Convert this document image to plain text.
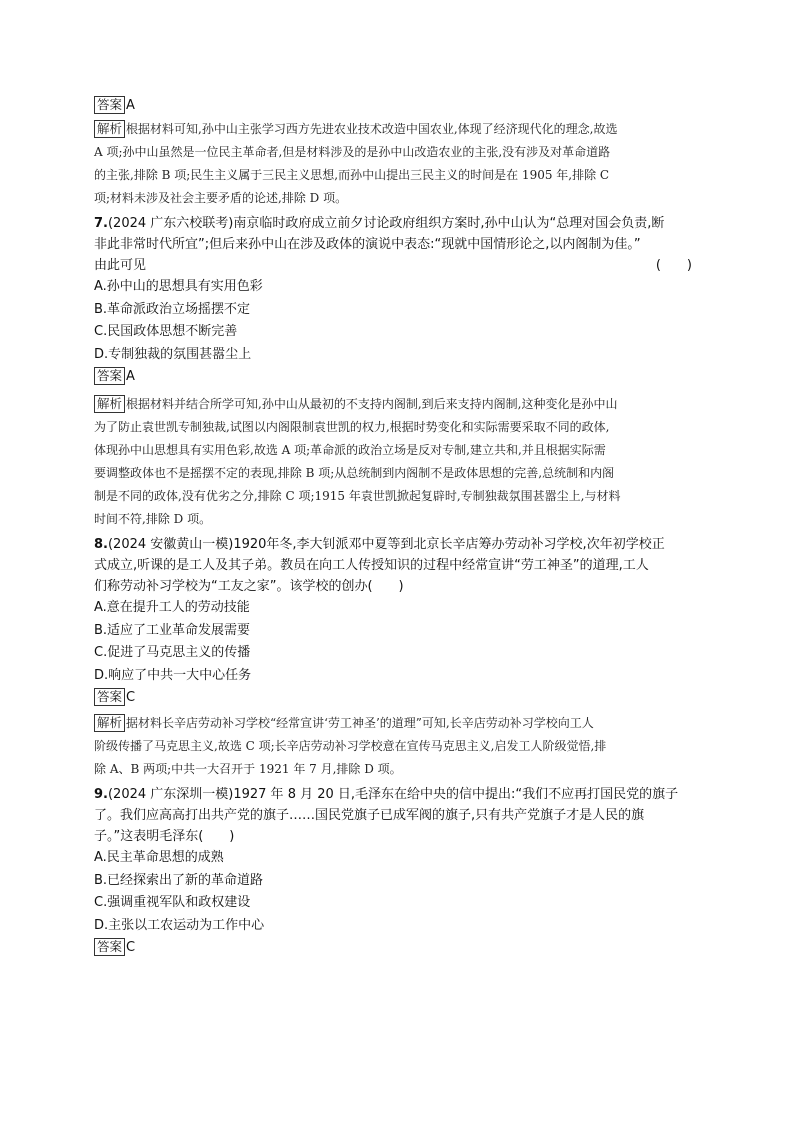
答案 A
解析 根据材料可知,孙中山主张学习西方先进农业技术改造中国农业,体现了经济现代化的理念,故选
A 项;孙中山虽然是一位民主革命者,但是材料涉及的是孙中山改造农业的主张,没有涉及对革命道路
的主张,排除 B 项;民生主义属于三民主义思想,而孙中山提出三民主义的时间是在 1905 年,排除 C
项;材料未涉及社会主要矛盾的论述,排除 D 项。
7.(2024 广东六校联考)南京临时政府成立前夕讨论政府组织方案时,孙中山认为“总理对国会负责,断
非此非常时代所宜”;但后来孙中山在涉及政体的演说中表态:“现就中国情形论之,以内阁制为佳。”
由此可见	(　　)
A.孙中山的思想具有实用色彩
B.革命派政治立场摇摆不定
C.民国政体思想不断完善
D.专制独裁的氛围甚嚣尘上
答案 A
解析 根据材料并结合所学可知,孙中山从最初的不支持内阁制,到后来支持内阁制,这种变化是孙中山
为了防止袁世凯专制独裁,试图以内阁限制袁世凯的权力,根据时势变化和实际需要采取不同的政体,
体现孙中山思想具有实用色彩,故选 A 项;革命派的政治立场是反对专制,建立共和,并且根据实际需
要调整政体也不是摇摆不定的表现,排除 B 项;从总统制到内阁制不是政体思想的完善,总统制和内阁
制是不同的政体,没有优劣之分,排除 C 项;1915 年袁世凯掀起复辟时,专制独裁氛围甚嚣尘上,与材料
时间不符,排除 D 项。
8.(2024 安徽黄山一模)1920年冬,李大钊派邓中夏等到北京长辛店筹办劳动补习学校,次年初学校正
式成立,听课的是工人及其子弟。教员在向工人传授知识的过程中经常宣讲“劳工神圣”的道理,工人
们称劳动补习学校为“工友之家”。该学校的创办(　　)
A.意在提升工人的劳动技能
B.适应了工业革命发展需要
C.促进了马克思主义的传播
D.响应了中共一大中心任务
答案 C
解析 据材料长辛店劳动补习学校“经常宣讲‘劳工神圣’的道理”可知,长辛店劳动补习学校向工人
阶级传播了马克思主义,故选 C 项;长辛店劳动补习学校意在宣传马克思主义,启发工人阶级觉悟,排
除 A、B 两项;中共一大召开于 1921 年 7 月,排除 D 项。
9.(2024 广东深圳一模)1927 年 8 月 20 日,毛泽东在给中央的信中提出:“我们不应再打国民党的旗子
了。我们应高高打出共产党的旗子……国民党旗子已成军阀的旗子,只有共产党旗子才是人民的旗
子。”这表明毛泽东(　　)
A.民主革命思想的成熟
B.已经探索出了新的革命道路
C.强调重视军队和政权建设
D.主张以工农运动为工作中心
答案 C
